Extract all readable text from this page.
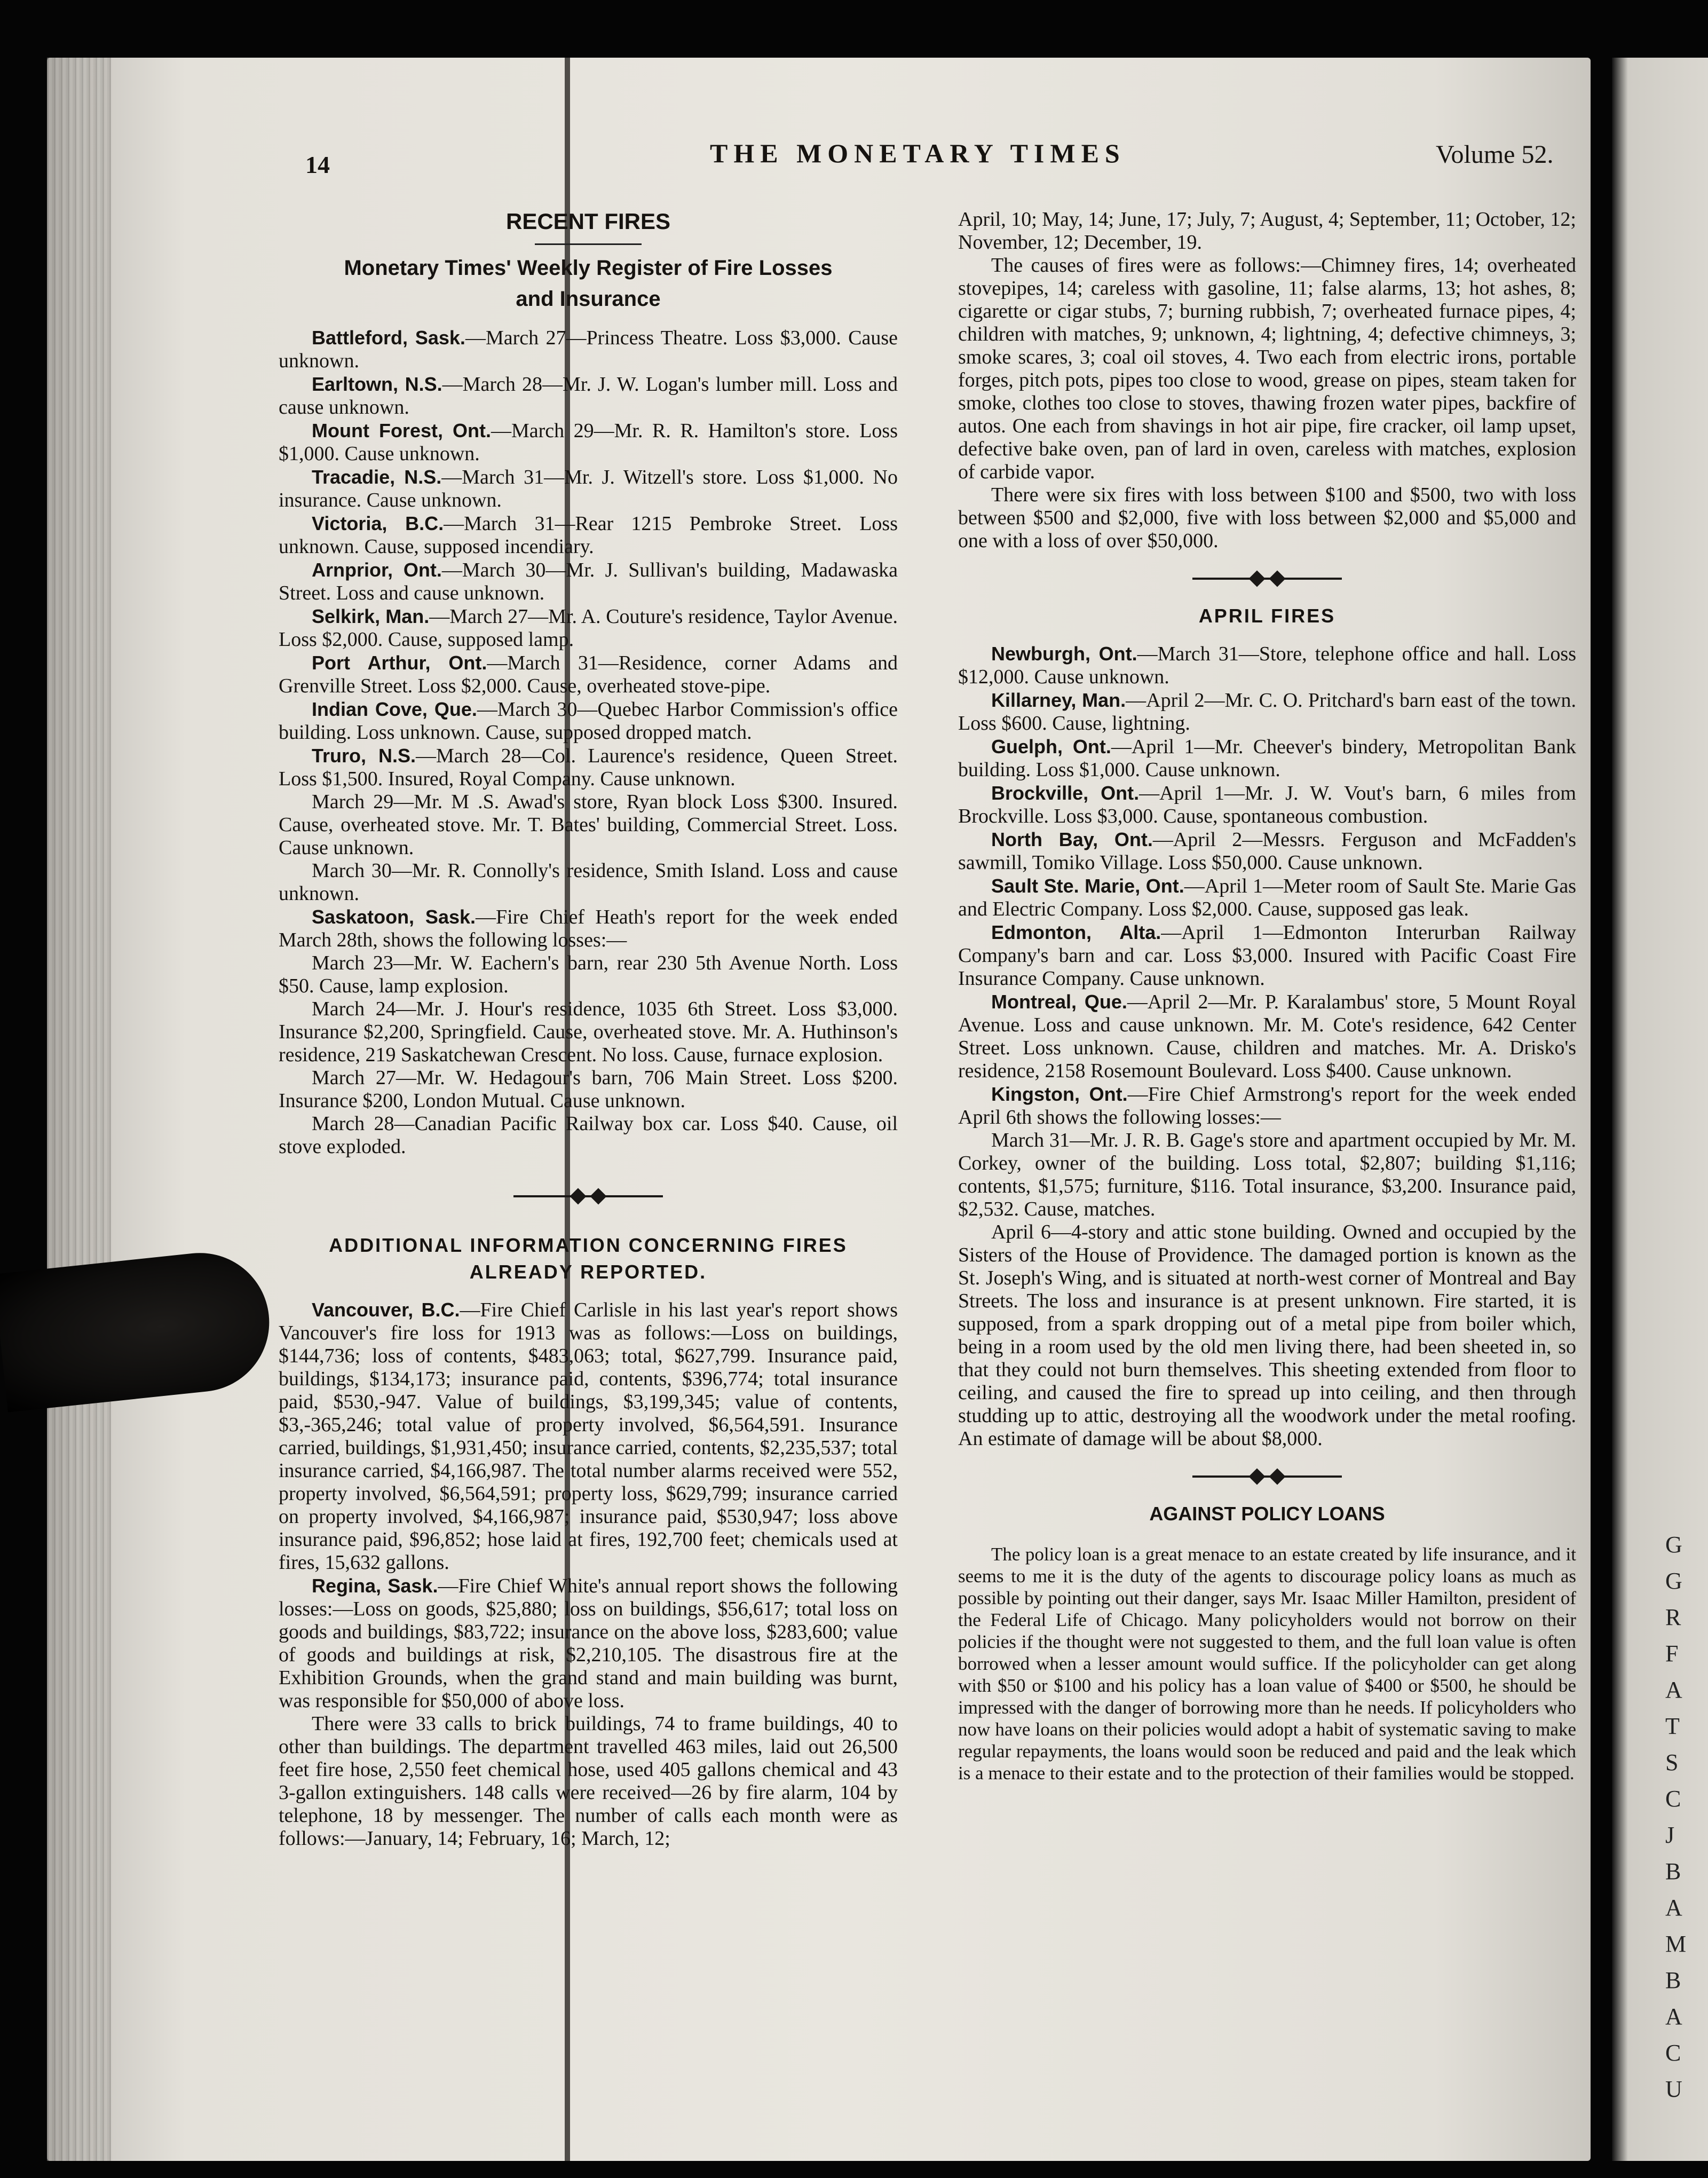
G
G
R
F
A
T
S
C
J
B
A
M
B
A
C
U
14	THE MONETARY TIMES	Volume 52.
RECENT FIRES
Monetary Times' Weekly Register of Fire Losses
and Insurance

Battleford, Sask.—March 27—Princess Theatre. Loss $3,000. Cause unknown.

Earltown, N.S.—March 28—Mr. J. W. Logan's lumber mill. Loss and cause unknown.

Mount Forest, Ont.—March 29—Mr. R. R. Hamilton's store. Loss $1,000. Cause unknown.

Tracadie, N.S.—March 31—Mr. J. Witzell's store. Loss $1,000. No insurance. Cause unknown.

Victoria, B.C.—March 31—Rear 1215 Pembroke Street. Loss unknown. Cause, supposed incendiary.

Arnprior, Ont.—March 30—Mr. J. Sullivan's building, Madawaska Street. Loss and cause unknown.

Selkirk, Man.—March 27—Mr. A. Couture's residence, Taylor Avenue. Loss $2,000. Cause, supposed lamp.

Port Arthur, Ont.—March 31—Residence, corner Adams and Grenville Street. Loss $2,000. Cause, overheated stove-pipe.

Indian Cove, Que.—March 30—Quebec Harbor Commission's office building. Loss unknown. Cause, supposed dropped match.

Truro, N.S.—March 28—Col. Laurence's residence, Queen Street. Loss $1,500. Insured, Royal Company. Cause unknown.

March 29—Mr. M .S. Awad's store, Ryan block Loss $300. Insured. Cause, overheated stove. Mr. T. Bates' building, Commercial Street. Loss. Cause unknown.

March 30—Mr. R. Connolly's residence, Smith Island. Loss and cause unknown.

Saskatoon, Sask.—Fire Chief Heath's report for the week ended March 28th, shows the following losses:—

March 23—Mr. W. Eachern's barn, rear 230 5th Avenue North. Loss $50. Cause, lamp explosion.

March 24—Mr. J. Hour's residence, 1035 6th Street. Loss $3,000. Insurance $2,200, Springfield. Cause, overheated stove. Mr. A. Huthinson's residence, 219 Saskatchewan Crescent. No loss. Cause, furnace explosion.

March 27—Mr. W. Hedagour's barn, 706 Main Street. Loss $200. Insurance $200, London Mutual. Cause unknown.

March 28—Canadian Pacific Railway box car. Loss $40. Cause, oil stove exploded.

ADDITIONAL INFORMATION CONCERNING FIRES
ALREADY REPORTED.

Vancouver, B.C.—Fire Chief Carlisle in his last year's report shows Vancouver's fire loss for 1913 was as follows:—Loss on buildings, $144,736; loss of contents, $483,063; total, $627,799. Insurance paid, buildings, $134,173; insurance paid, contents, $396,774; total insurance paid, $530,-947. Value of buildings, $3,199,345; value of contents, $3,-365,246; total value of property involved, $6,564,591. Insurance carried, buildings, $1,931,450; insurance carried, contents, $2,235,537; total insurance carried, $4,166,987. The total number alarms received were 552, property involved, $6,564,591; property loss, $629,799; insurance carried on property involved, $4,166,987; insurance paid, $530,947; loss above insurance paid, $96,852; hose laid at fires, 192,700 feet; chemicals used at fires, 15,632 gallons.

Regina, Sask.—Fire Chief White's annual report shows the following losses:—Loss on goods, $25,880; loss on buildings, $56,617; total loss on goods and buildings, $83,722; insurance on the above loss, $283,600; value of goods and buildings at risk, $2,210,105. The disastrous fire at the Exhibition Grounds, when the grand stand and main building was burnt, was responsible for $50,000 of above loss.

There were 33 calls to brick buildings, 74 to frame buildings, 40 to other than buildings. The department travelled 463 miles, laid out 26,500 feet fire hose, 2,550 feet chemical hose, used 405 gallons chemical and 43 3-gallon extinguishers. 148 calls were received—26 by fire alarm, 104 by telephone, 18 by messenger. The number of calls each month were as follows:—January, 14; February, 16; March, 12;

April, 10; May, 14; June, 17; July, 7; August, 4; September, 11; October, 12; November, 12; December, 19.

The causes of fires were as follows:—Chimney fires, 14; overheated stovepipes, 14; careless with gasoline, 11; false alarms, 13; hot ashes, 8; cigarette or cigar stubs, 7; burning rubbish, 7; overheated furnace pipes, 4; children with matches, 9; unknown, 4; lightning, 4; defective chimneys, 3; smoke scares, 3; coal oil stoves, 4. Two each from electric irons, portable forges, pitch pots, pipes too close to wood, grease on pipes, steam taken for smoke, clothes too close to stoves, thawing frozen water pipes, backfire of autos. One each from shavings in hot air pipe, fire cracker, oil lamp upset, defective bake oven, pan of lard in oven, careless with matches, explosion of carbide vapor.

There were six fires with loss between $100 and $500, two with loss between $500 and $2,000, five with loss between $2,000 and $5,000 and one with a loss of over $50,000.

APRIL FIRES

Newburgh, Ont.—March 31—Store, telephone office and hall. Loss $12,000. Cause unknown.

Killarney, Man.—April 2—Mr. C. O. Pritchard's barn east of the town. Loss $600. Cause, lightning.

Guelph, Ont.—April 1—Mr. Cheever's bindery, Metropolitan Bank building. Loss $1,000. Cause unknown.

Brockville, Ont.—April 1—Mr. J. W. Vout's barn, 6 miles from Brockville. Loss $3,000. Cause, spontaneous combustion.

North Bay, Ont.—April 2—Messrs. Ferguson and McFadden's sawmill, Tomiko Village. Loss $50,000. Cause unknown.

Sault Ste. Marie, Ont.—April 1—Meter room of Sault Ste. Marie Gas and Electric Company. Loss $2,000. Cause, supposed gas leak.

Edmonton, Alta.—April 1—Edmonton Interurban Railway Company's barn and car. Loss $3,000. Insured with Pacific Coast Fire Insurance Company. Cause unknown.

Montreal, Que.—April 2—Mr. P. Karalambus' store, 5 Mount Royal Avenue. Loss and cause unknown. Mr. M. Cote's residence, 642 Center Street. Loss unknown. Cause, children and matches. Mr. A. Drisko's residence, 2158 Rosemount Boulevard. Loss $400. Cause unknown.

Kingston, Ont.—Fire Chief Armstrong's report for the week ended April 6th shows the following losses:—

March 31—Mr. J. R. B. Gage's store and apartment occupied by Mr. M. Corkey, owner of the building. Loss total, $2,807; building $1,116; contents, $1,575; furniture, $116. Total insurance, $3,200. Insurance paid, $2,532. Cause, matches.

April 6—4-story and attic stone building. Owned and occupied by the Sisters of the House of Providence. The damaged portion is known as the St. Joseph's Wing, and is situated at north-west corner of Montreal and Bay Streets. The loss and insurance is at present unknown. Fire started, it is supposed, from a spark dropping out of a metal pipe from boiler which, being in a room used by the old men living there, had been sheeted in, so that they could not burn themselves. This sheeting extended from floor to ceiling, and caused the fire to spread up into ceiling, and then through studding up to attic, destroying all the woodwork under the metal roofing. An estimate of damage will be about $8,000.

AGAINST POLICY LOANS

The policy loan is a great menace to an estate created by life insurance, and it seems to me it is the duty of the agents to discourage policy loans as much as possible by pointing out their danger, says Mr. Isaac Miller Hamilton, president of the Federal Life of Chicago. Many policyholders would not borrow on their policies if the thought were not suggested to them, and the full loan value is often borrowed when a lesser amount would suffice. If the policyholder can get along with $50 or $100 and his policy has a loan value of $400 or $500, he should be impressed with the danger of borrowing more than he needs. If policyholders who now have loans on their policies would adopt a habit of systematic saving to make regular repayments, the loans would soon be reduced and paid and the leak which is a menace to their estate and to the protection of their families would be stopped.
